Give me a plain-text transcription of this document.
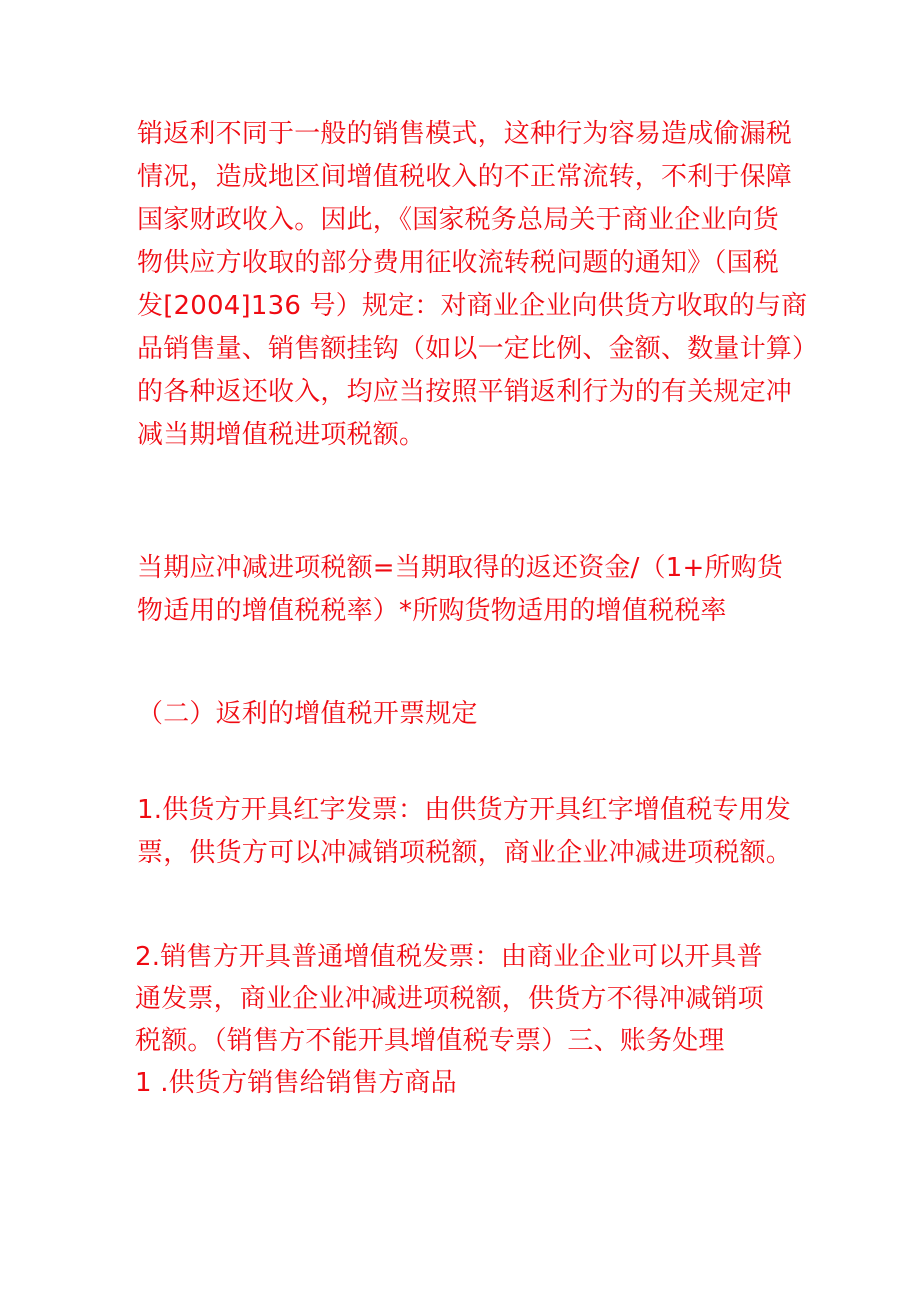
销返利不同于一般的销售模式，这种行为容易造成偷漏税
情况，造成地区间增值税收入的不正常流转，不利于保障
国家财政收入。因此，《国家税务总局关于商业企业向货
物供应方收取的部分费用征收流转税问题的通知》（国税
发[2004]136 号）规定：对商业企业向供货方收取的与商
品销售量、销售额挂钩（如以一定比例、金额、数量计算）
的各种返还收入，均应当按照平销返利行为的有关规定冲
减当期增值税进项税额。
当期应冲减进项税额=当期取得的返还资金/（1+所购货
物适用的增值税税率）*所购货物适用的增值税税率
（二）返利的增值税开票规定
1.供货方开具红字发票：由供货方开具红字增值税专用发
票，供货方可以冲减销项税额，商业企业冲减进项税额。
2.销售方开具普通增值税发票：由商业企业可以开具普
通发票，商业企业冲减进项税额，供货方不得冲减销项
税额。（销售方不能开具增值税专票）三、账务处理
1 .供货方销售给销售方商品
